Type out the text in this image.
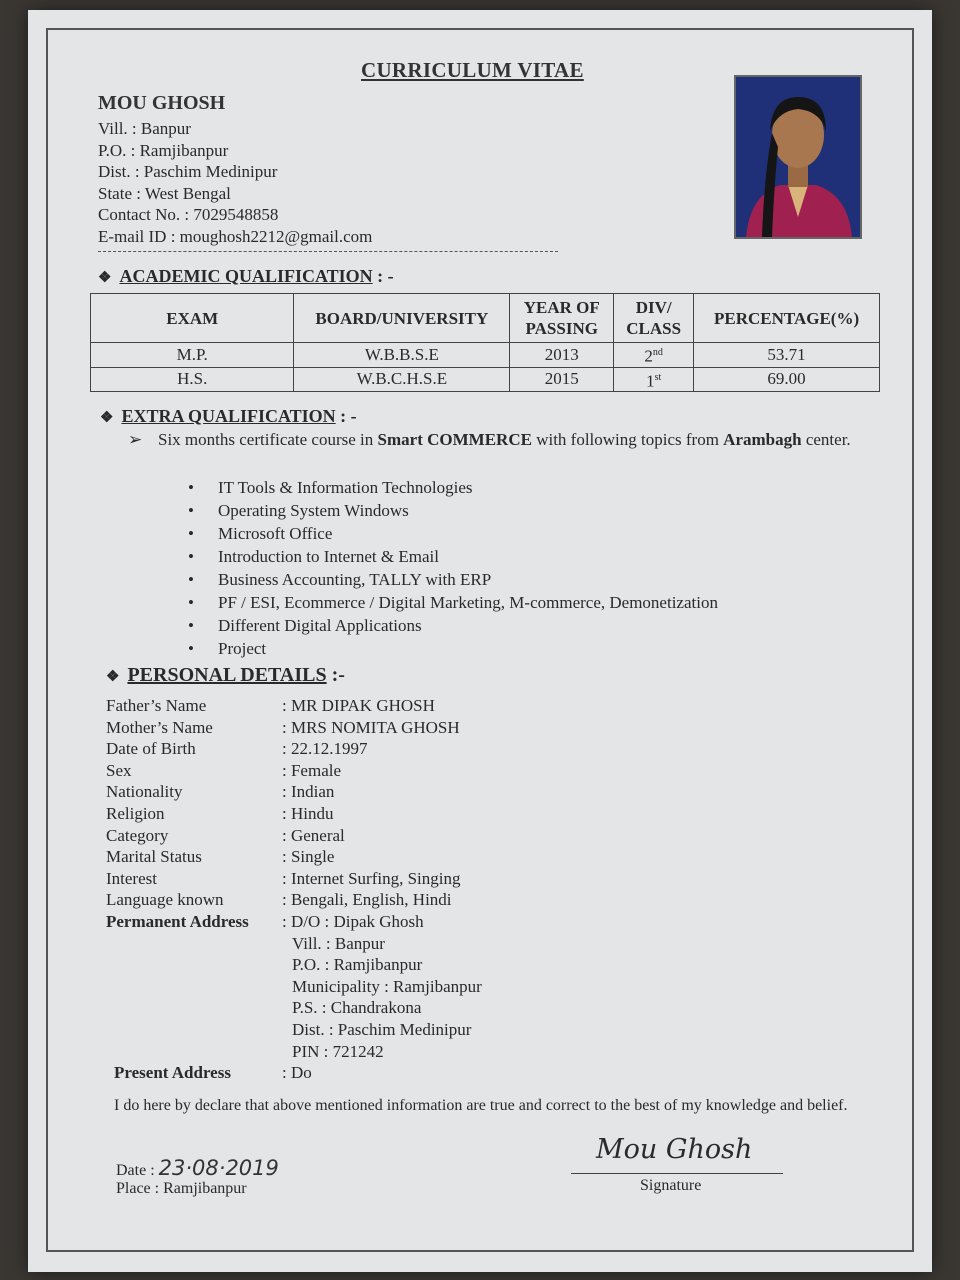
CURRICULUM VITAE
MOU GHOSH
Vill. : Banpur
P.O. : Ramjibanpur
Dist. : Paschim Medinipur
State : West Bengal
Contact No. : 7029548858
E-mail ID : moughosh2212@gmail.com
❖ ACADEMIC QUALIFICATION : -
EXAM	BOARD/UNIVERSITY	YEAR OF PASSING	DIV/ CLASS	PERCENTAGE(%)
M.P.	W.B.B.S.E	2013	2nd	53.71
H.S.	W.B.C.H.S.E	2015	1st	69.00
❖ EXTRA QUALIFICATION : -
➢ Six months certificate course in Smart COMMERCE with following topics from Arambagh center.
• IT Tools & Information Technologies
• Operating System Windows
• Microsoft Office
• Introduction to Internet & Email
• Business Accounting, TALLY with ERP
• PF / ESI, Ecommerce / Digital Marketing, M-commerce, Demonetization
• Different Digital Applications
• Project
❖ PERSONAL DETAILS :-
Father’s Name	: MR DIPAK GHOSH
Mother’s Name	: MRS NOMITA GHOSH
Date of Birth	: 22.12.1997
Sex	: Female
Nationality	: Indian
Religion	: Hindu
Category	: General
Marital Status	: Single
Interest	: Internet Surfing, Singing
Language known	: Bengali, English, Hindi
Permanent Address : D/O : Dipak Ghosh
Vill. : Banpur
P.O. : Ramjibanpur
Municipality : Ramjibanpur
P.S. : Chandrakona
Dist. : Paschim Medinipur
PIN : 721242
Present Address	: Do
I do here by declare that above mentioned information are true and correct to the best of my knowledge and belief.
Date : 23·08·2019
Place : Ramjibanpur
Mou Ghosh
Signature
